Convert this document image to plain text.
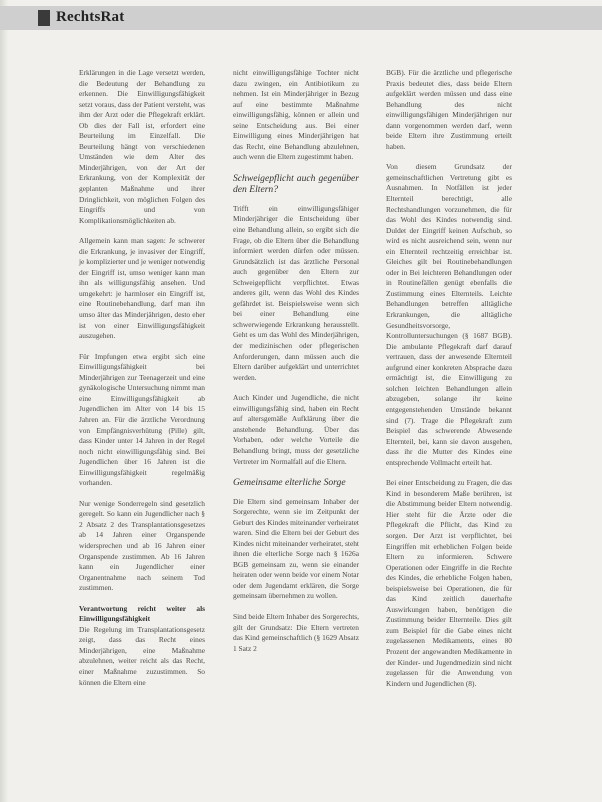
RechtsRat

Erklärungen in die Lage versetzt werden, die Bedeutung der Behandlung zu erkennen. Die Einwilligungsfähigkeit setzt voraus, dass der Patient versteht, was ihm der Arzt oder die Pflegekraft erklärt. Ob dies der Fall ist, erfordert eine Beurteilung im Einzelfall. Die Beurteilung hängt von verschiedenen Umständen wie dem Alter des Minderjährigen, von der Art der Erkrankung, von der Komplexität der geplanten Maßnahme und ihrer Dringlichkeit, von möglichen Folgen des Eingriffs und von Komplikationsmöglichkeiten ab.

Allgemein kann man sagen: Je schwerer die Erkrankung, je invasiver der Eingriff, je komplizierter und je weniger notwendig der Eingriff ist, umso weniger kann man ihn als willigungsfähig ansehen. Und umgekehrt: je harmloser ein Eingriff ist, eine Routinebehandlung, darf man ihn umso älter das Minderjährigen, desto eher ist von einer Einwilligungsfähigkeit auszugehen.

Für Impfungen etwa ergibt sich eine Einwilligungsfähigkeit bei Minderjährigen zur Teenagerzeit und eine gynäkologische Untersuchung nimmt man eine Einwilligungsfähigkeit ab Jugendlichen im Alter von 14 bis 15 Jahren an. Für die ärztliche Verordnung von Empfängnisverhütung (Pille) gilt, dass Kinder unter 14 Jahren in der Regel noch nicht einwilligungsfähig sind. Bei Jugendlichen über 16 Jahren ist die Einwilligungsfähigkeit regelmäßig vorhanden.

Nur wenige Sonderregeln sind gesetzlich geregelt. So kann ein Jugendlicher nach § 2 Absatz 2 des Transplantationsgesetzes ab 14 Jahren einer Organspende widersprechen und ab 16 Jahren einer Organspende zustimmen. Ab 16 Jahren kann ein Jugendlicher einer Organentnahme nach seinem Tod zustimmen.

Verantwortung reicht weiter als Einwilligungsfähigkeit

Die Regelung im Transplantationsgesetz zeigt, dass das Recht eines Minderjährigen, eine Maßnahme abzulehnen, weiter reicht als das Recht, einer Maßnahme zuzustimmen. So können die Eltern eine

nicht einwilligungsfähige Tochter nicht dazu zwingen, ein Antibiotikum zu nehmen. Ist ein Minderjähriger in Bezug auf eine bestimmte Maßnahme einwilligungsfähig, können er allein und seine Entscheidung aus. Bei einer Einwilligung eines Minderjährigen hat das Recht, eine Behandlung abzulehnen, auch wenn die Eltern zugestimmt haben.

Schweigepflicht auch gegenüber den Eltern?

Trifft ein einwilligungsfähiger Minderjähriger die Entscheidung über eine Behandlung allein, so ergibt sich die Frage, ob die Eltern über die Behandlung informiert werden dürfen oder müssen. Grundsätzlich ist das ärztliche Personal auch gegenüber den Eltern zur Schweigepflicht verpflichtet. Etwas anderes gilt, wenn das Wohl des Kindes gefährdet ist. Beispielsweise wenn sich bei einer Behandlung eine schwerwiegende Erkrankung herausstellt. Geht es um das Wohl des Minderjährigen, der medizinischen oder pflegerischen Anforderungen, dann müssen auch die Eltern darüber aufgeklärt und unterrichtet werden.

Auch Kinder und Jugendliche, die nicht einwilligungsfähig sind, haben ein Recht auf altersgemäße Aufklärung über die anstehende Behandlung. Über das Vorhaben, oder welche Vorteile die Behandlung bringt, muss der gesetzliche Vertreter im Normalfall auf die Eltern.

Gemeinsame elterliche Sorge

Die Eltern sind gemeinsam Inhaber der Sorgerechte, wenn sie im Zeitpunkt der Geburt des Kindes miteinander verheiratet waren. Sind die Eltern bei der Geburt des Kindes nicht miteinander verheiratet, steht ihnen die elterliche Sorge nach § 1626a BGB gemeinsam zu, wenn sie einander heiraten oder wenn beide vor einem Notar oder dem Jugendamt erklären, die Sorge gemeinsam übernehmen zu wollen.

Sind beide Eltern Inhaber des Sorgerechts, gilt der Grundsatz: Die Eltern vertreten das Kind gemeinschaftlich (§ 1629 Absatz 1 Satz 2

BGB). Für die ärztliche und pflegerische Praxis bedeutet dies, dass beide Eltern aufgeklärt werden müssen und dass eine Behandlung des nicht einwilligungsfähigen Minderjährigen nur dann vorgenommen werden darf, wenn beide Eltern ihre Zustimmung erteilt haben.

Von diesem Grundsatz der gemeinschaftlichen Vertretung gibt es Ausnahmen. In Notfällen ist jeder Elternteil berechtigt, alle Rechtshandlungen vorzunehmen, die für das Wohl des Kindes notwendig sind. Duldet der Eingriff keinen Aufschub, so wird es nicht ausreichend sein, wenn nur ein Elternteil rechtzeitig erreichbar ist. Gleiches gilt bei Routinebehandlungen oder in Bei leichteren Behandlungen oder in Routinefällen genügt ebenfalls die Zustimmung eines Elternteils. Leichte Behandlungen betreffen alltägliche Erkrankungen, die alltägliche Gesundheitsvorsorge, Kontrolluntersuchungen (§ 1687 BGB). Die ambulante Pflegekraft darf darauf vertrauen, dass der anwesende Elternteil aufgrund einer konkreten Absprache dazu ermächtigt ist, die Einwilligung zu solchen leichten Behandlungen allein abzugeben, solange ihr keine entgegenstehenden Umstände bekannt sind (7). Trage die Pflegekraft zum Beispiel das schwerende Abwesende Elternteil, bei, kann sie davon ausgehen, dass ihr die Mutter des Kindes eine entsprechende Vollmacht erteilt hat.

Bei einer Entscheidung zu Fragen, die das Kind in besonderem Maße berühren, ist die Abstimmung beider Eltern notwendig. Hier steht für die Ärzte oder die Pflegekraft die Pflicht, das Kind zu sorgen. Der Arzt ist verpflichtet, bei Eingriffen mit erheblichen Folgen beide Eltern zu informieren. Schwere Operationen oder Eingriffe in die Rechte des Kindes, die erhebliche Folgen haben, beispielsweise bei Operationen, die für das Kind zeitlich dauerhafte Auswirkungen haben, benötigen die Zustimmung beider Elternteile. Dies gilt zum Beispiel für die Gabe eines nicht zugelassenen Medikaments, eines 80 Prozent der angewandten Medikamente in der Kinder- und Jugendmedizin sind nicht zugelassen für die Anwendung von Kindern und Jugendlichen (8).
